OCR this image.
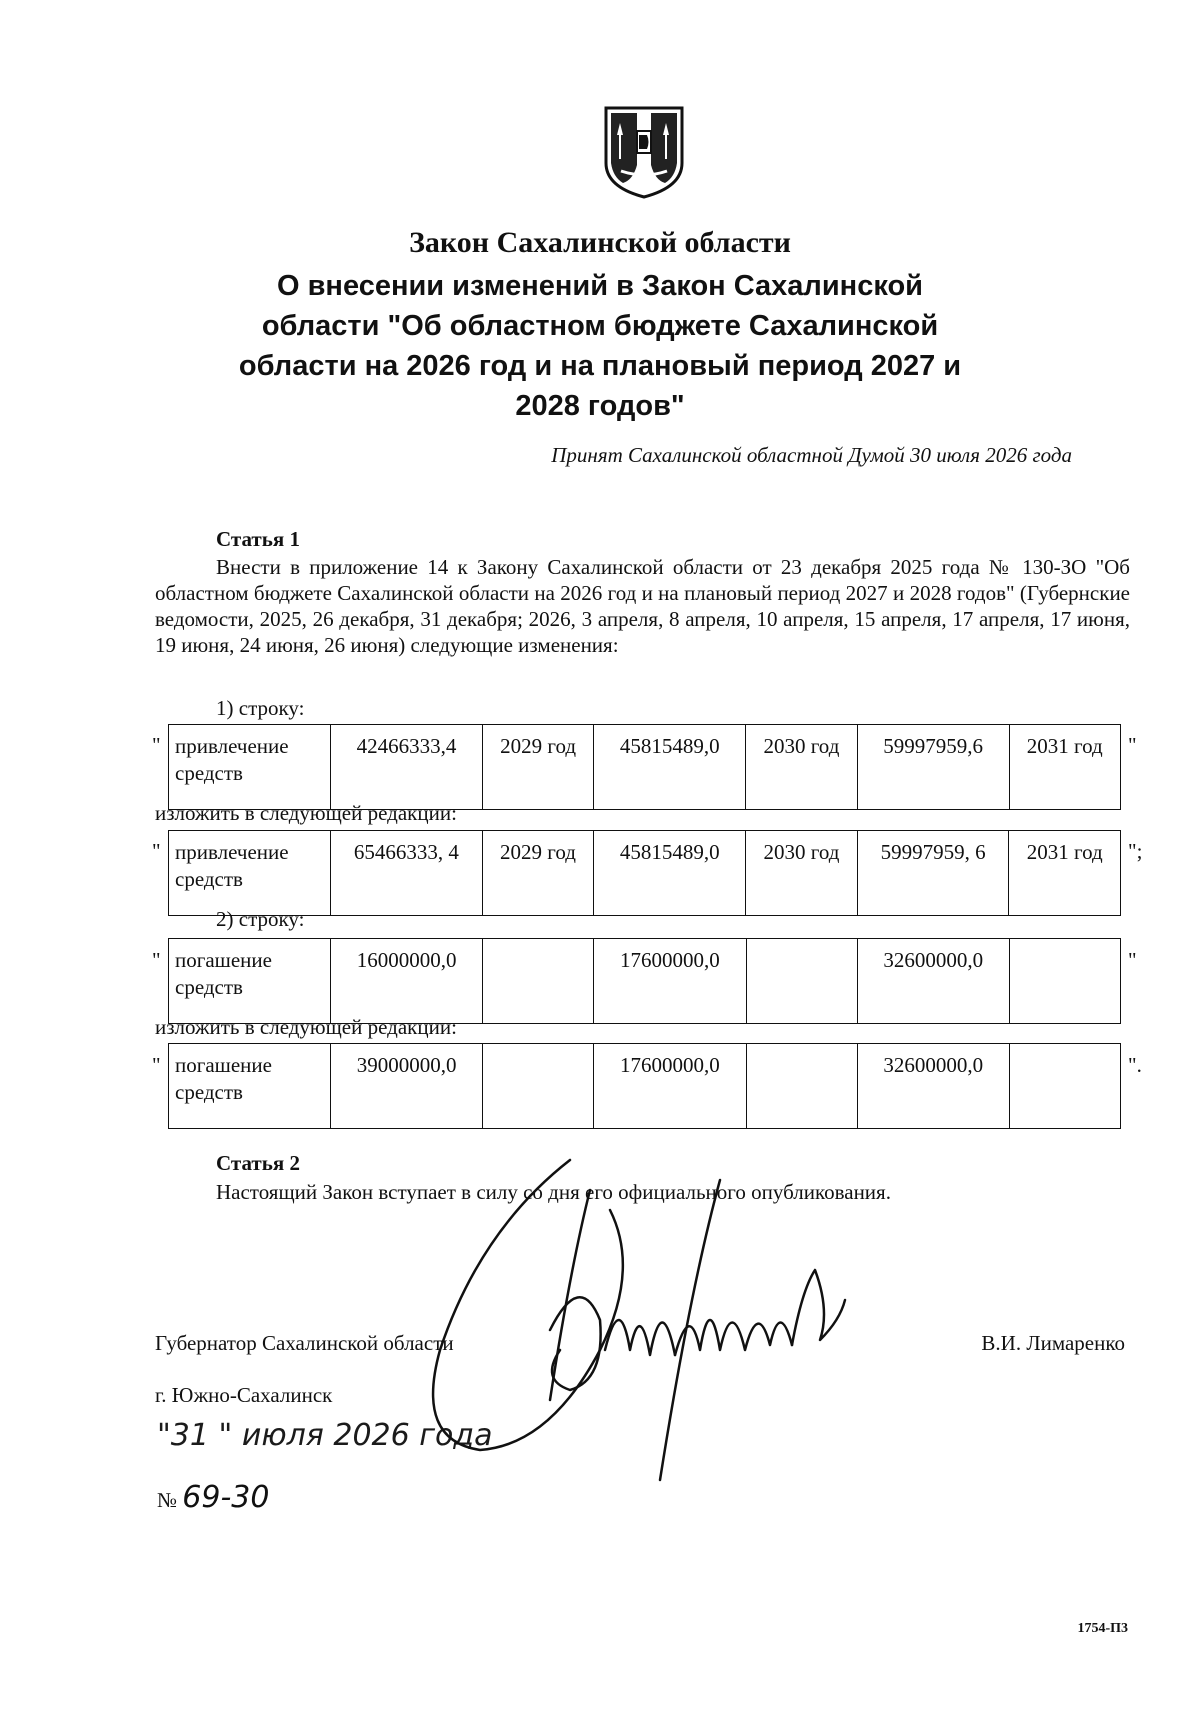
Закон Сахалинской области
О внесении изменений в Закон Сахалинской
области "Об областном бюджете Сахалинской
области на 2026 год и на плановый период 2027 и
2028 годов"
Принят Сахалинской областной Думой 30 июля 2026 года
Статья 1
Внести в приложение 14 к Закону Сахалинской области от 23 декабря 2025 года № 130-ЗО "Об областном бюджете Сахалинской области на 2026 год и на плановый период 2027 и 2028 годов" (Губернские ведомости, 2025, 26 декабря, 31 декабря; 2026, 3 апреля, 8 апреля, 10 апреля, 15 апреля, 17 апреля, 17 июня, 19 июня, 24 июня, 26 июня) следующие изменения:
1) строку:
" привлечение средств	42466333,4	2029 год	45815489,0	2030 год	59997959,6	2031 год "
изложить в следующей редакции:
" привлечение средств	65466333, 4	2029 год	45815489,0	2030 год	59997959, 6	2031 год ";
2) строку:
" погашение средств	16000000,0		17600000,0		32600000,0		"
изложить в следующей редакции:
" погашение средств	39000000,0		17600000,0		32600000,0		".
Статья 2
Настоящий Закон вступает в силу со дня его официального опубликования.
Губернатор Сахалинской области	В.И. Лимаренко
г. Южно-Сахалинск
"31 " июля 2026 года
№ 69-30
1754-П3
